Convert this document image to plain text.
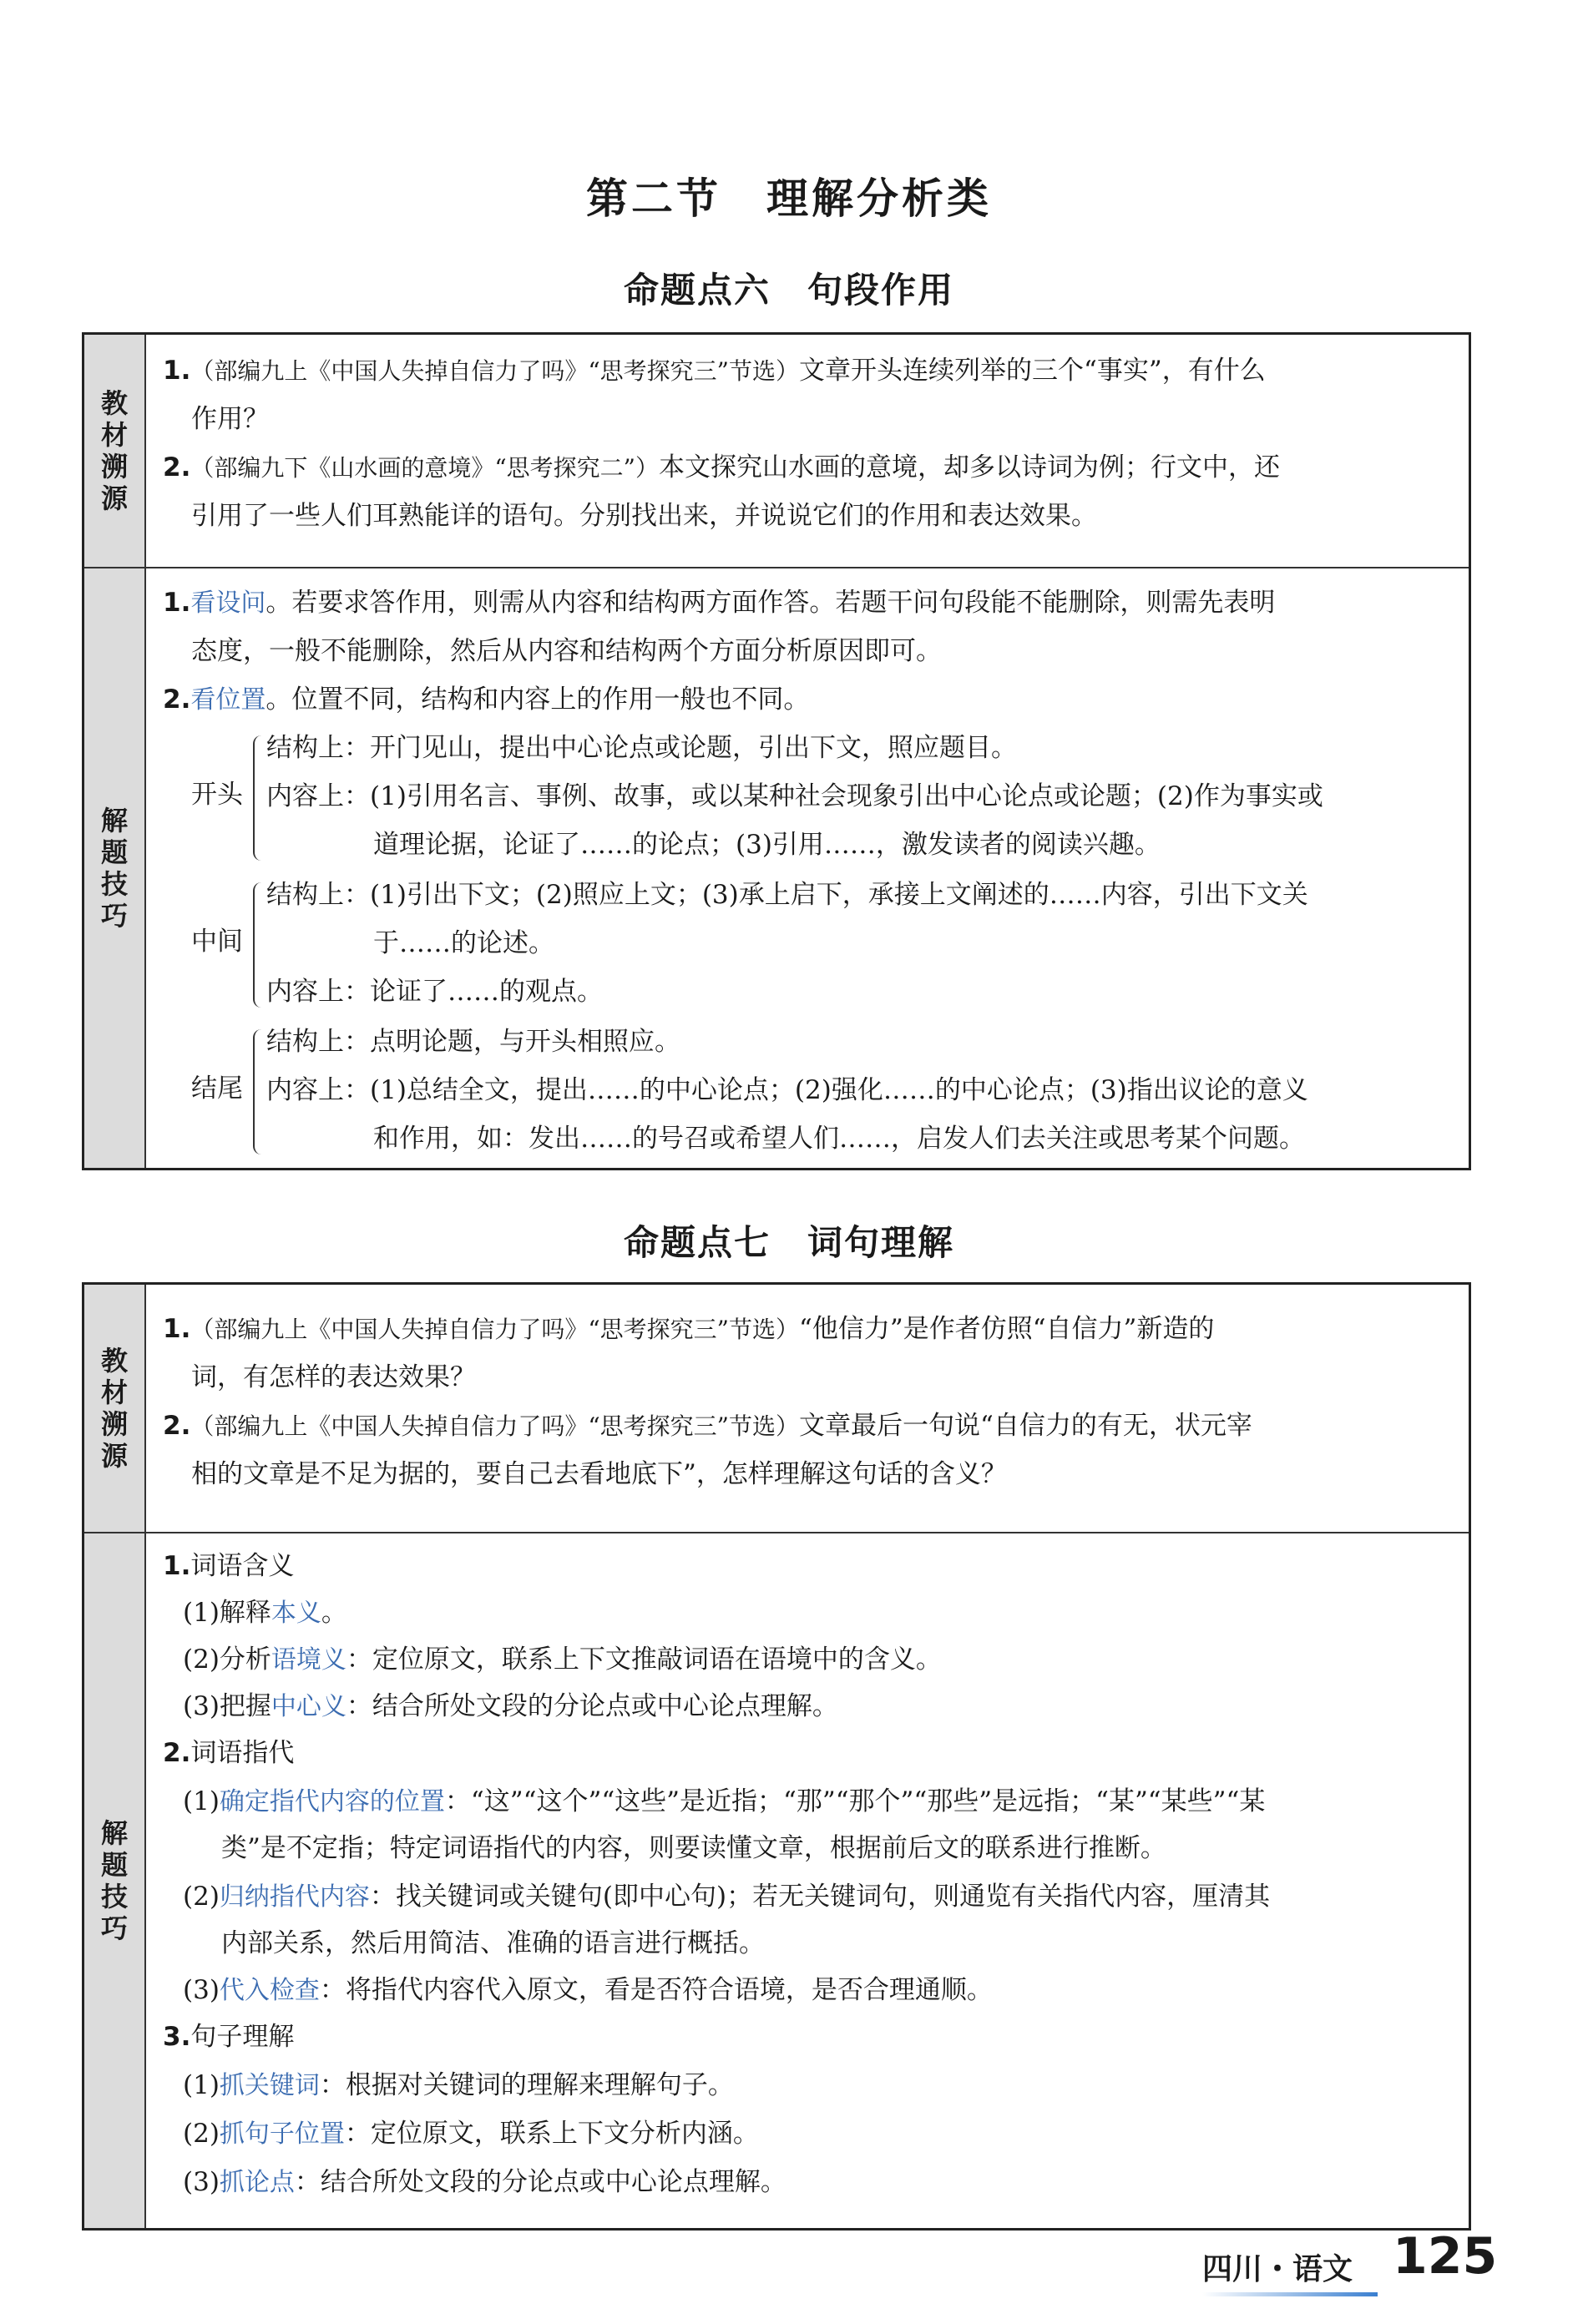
第二节　理解分析类
命题点六　句段作用
教材溯源
1.（部编九上《中国人失掉自信力了吗》“思考探究三”节选）文章开头连续列举的三个“事实”，有什么
作用？
2.（部编九下《山水画的意境》“思考探究二”）本文探究山水画的意境，却多以诗词为例；行文中，还
引用了一些人们耳熟能详的语句。分别找出来，并说说它们的作用和表达效果。
解题技巧
1.看设问。若要求答作用，则需从内容和结构两方面作答。若题干问句段能不能删除，则需先表明
态度，一般不能删除，然后从内容和结构两个方面分析原因即可。
2.看位置。位置不同，结构和内容上的作用一般也不同。
开头
结构上：开门见山，提出中心论点或论题，引出下文，照应题目。
内容上：(1)引用名言、事例、故事，或以某种社会现象引出中心论点或论题；(2)作为事实或
道理论据，论证了……的论点；(3)引用……，激发读者的阅读兴趣。
中间
结构上：(1)引出下文；(2)照应上文；(3)承上启下，承接上文阐述的……内容，引出下文关
于……的论述。
内容上：论证了……的观点。
结尾
结构上：点明论题，与开头相照应。
内容上：(1)总结全文，提出……的中心论点；(2)强化……的中心论点；(3)指出议论的意义
和作用，如：发出……的号召或希望人们……，启发人们去关注或思考某个问题。
命题点七　词句理解
教材溯源
1.（部编九上《中国人失掉自信力了吗》“思考探究三”节选）“他信力”是作者仿照“自信力”新造的
词，有怎样的表达效果？
2.（部编九上《中国人失掉自信力了吗》“思考探究三”节选）文章最后一句说“自信力的有无，状元宰
相的文章是不足为据的，要自己去看地底下”，怎样理解这句话的含义？
解题技巧
1.词语含义
(1)解释本义。
(2)分析语境义：定位原文，联系上下文推敲词语在语境中的含义。
(3)把握中心义：结合所处文段的分论点或中心论点理解。
2.词语指代
(1)确定指代内容的位置：“这”“这个”“这些”是近指；“那”“那个”“那些”是远指；“某”“某些”“某
类”是不定指；特定词语指代的内容，则要读懂文章，根据前后文的联系进行推断。
(2)归纳指代内容：找关键词或关键句(即中心句)；若无关键词句，则通览有关指代内容，厘清其
内部关系，然后用简洁、准确的语言进行概括。
(3)代入检查：将指代内容代入原文，看是否符合语境，是否合理通顺。
3.句子理解
(1)抓关键词：根据对关键词的理解来理解句子。
(2)抓句子位置：定位原文，联系上下文分析内涵。
(3)抓论点：结合所处文段的分论点或中心论点理解。
四川・语文 125
